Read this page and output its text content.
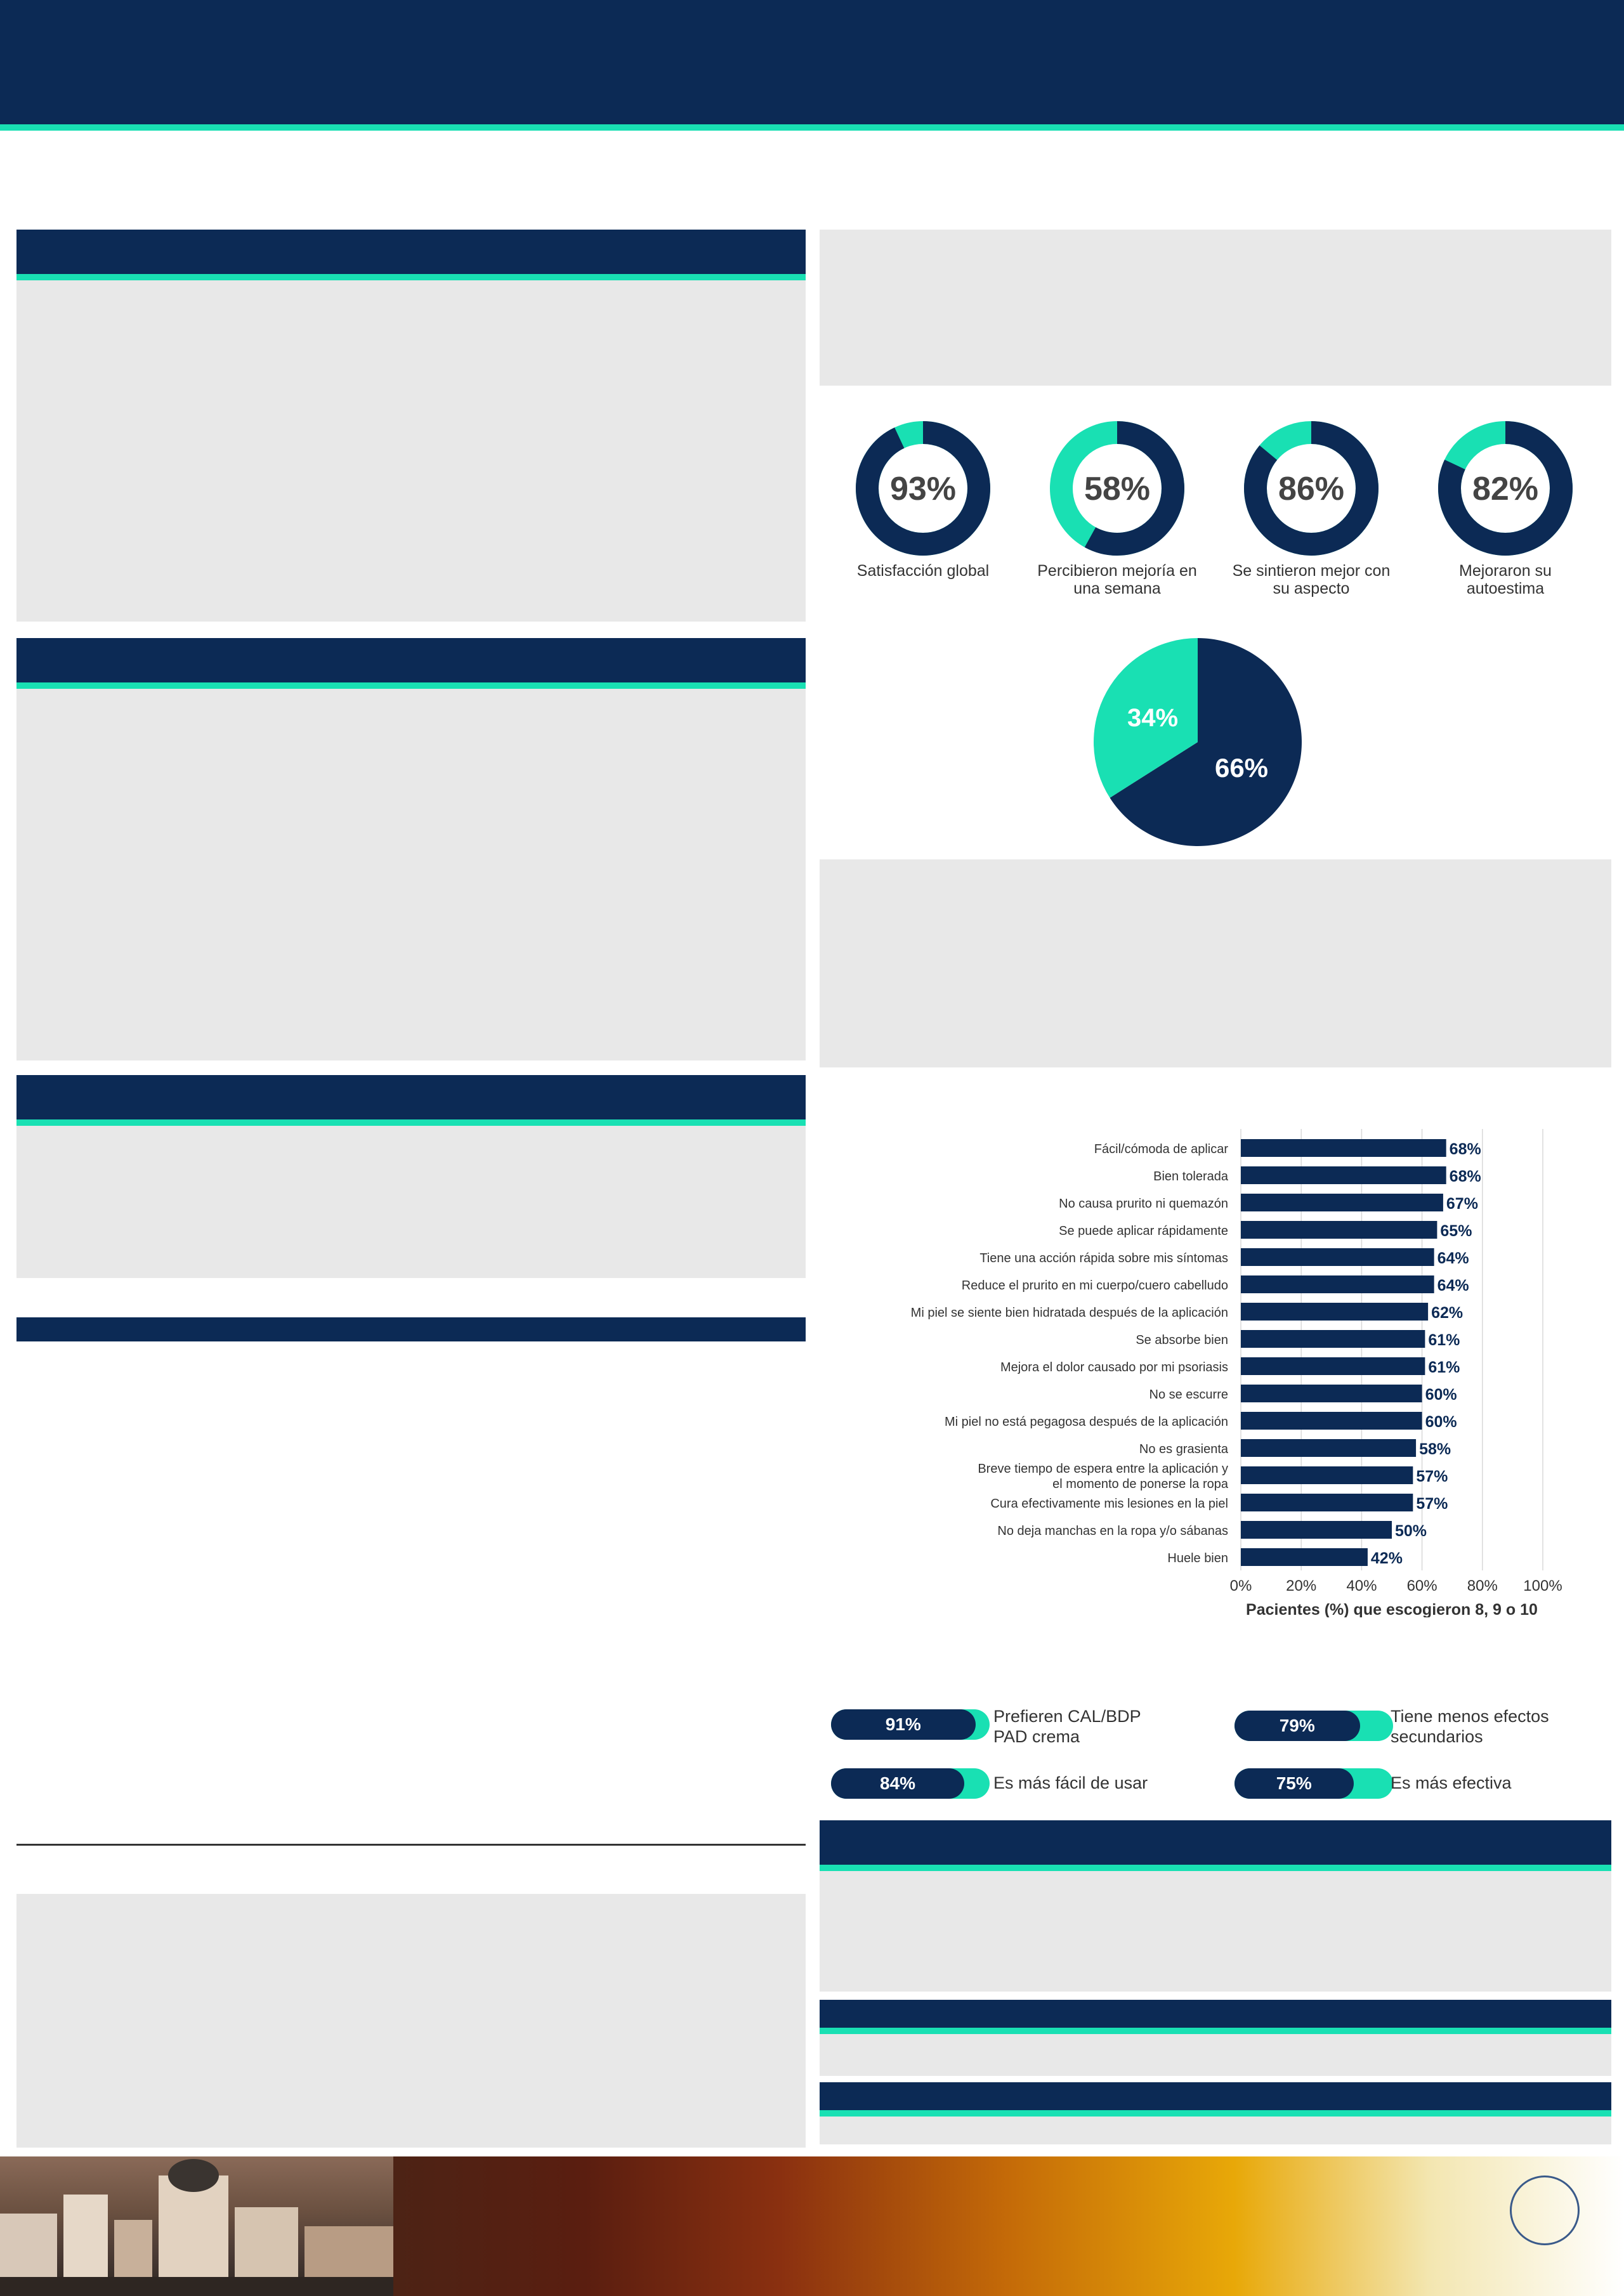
93%	58%	86%	82%
Satisfacción global	Percibieron mejoría en una semana
Se sintieron mejor con su aspecto
Mejoraron su autoestima
34%
66%
0% 20% 40% 60% 80% 100%
68%
Fácil/cómoda de aplicar
68%
Bien tolerada
67%
No causa prurito ni quemazón
65%
Se puede aplicar rápidamente
64%
Tiene una acción rápida sobre mis síntomas
64%
Reduce el prurito en mi cuerpo/cuero cabelludo
62%
Mi piel se siente bien hidratada después de la aplicación
61%
Se absorbe bien
61%
Mejora el dolor causado por mi psoriasis
60%
No se escurre
60%
Mi piel no está pegagosa después de la aplicación
58%
No es grasienta
57%
Breve tiempo de espera entre la aplicación y
el momento de ponerse la ropa
57%
Cura efectivamente mis lesiones en la piel
50%
No deja manchas en la ropa y/o sábanas
42%
Huele bien
Pacientes (%) que escogieron 8, 9 o 10
91%	Prefieren CAL/BDP PAD crema
79%	Tiene menos efectos secundarios
84%	Es más fácil de usar	75%	Es más efectiva
